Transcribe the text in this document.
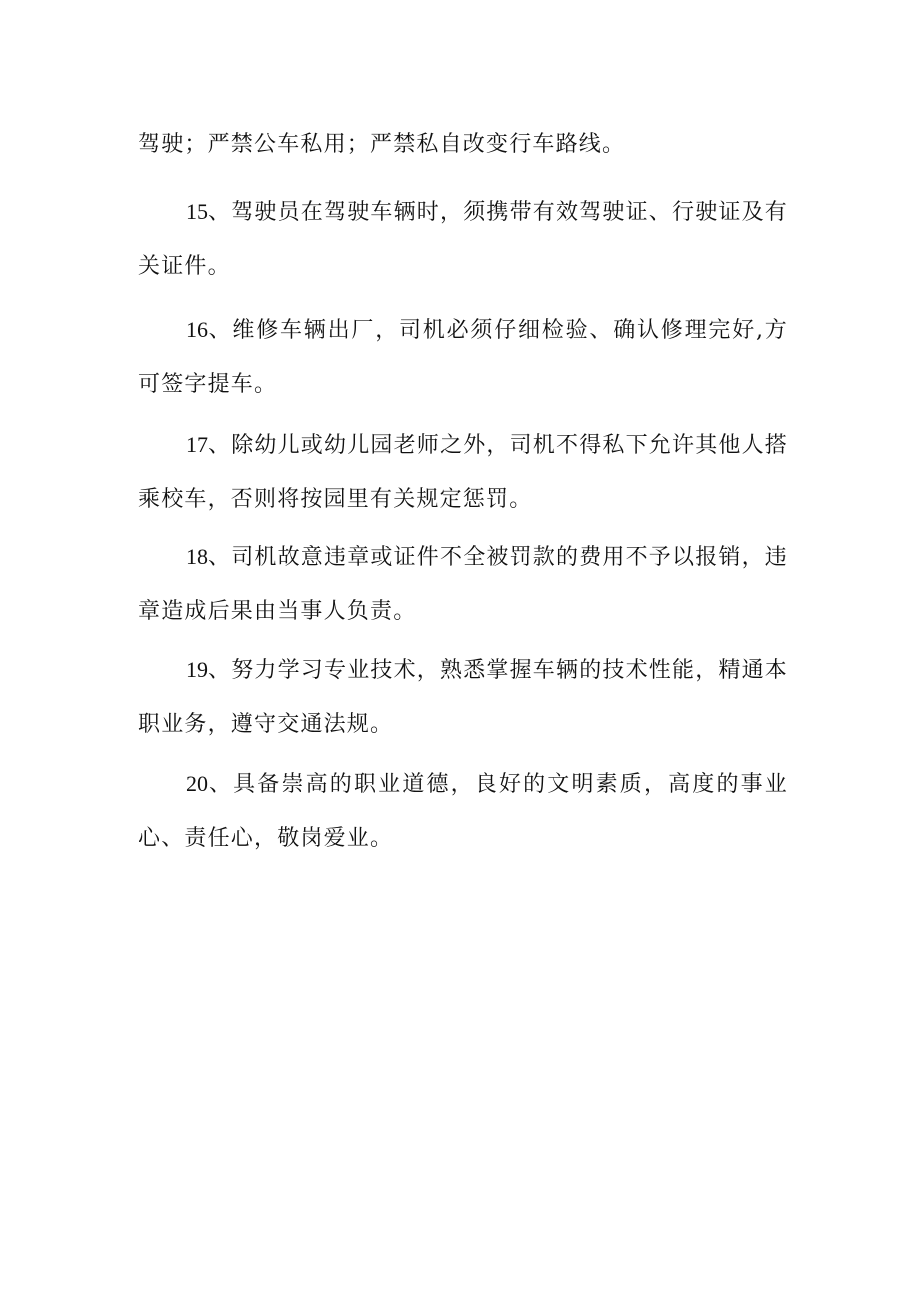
驾驶；严禁公车私用；严禁私自改变行车路线。

15、驾驶员在驾驶车辆时，须携带有效驾驶证、行驶证及有关证件。

16、维修车辆出厂，司机必须仔细检验、确认修理完好,方可签字提车。

17、除幼儿或幼儿园老师之外，司机不得私下允许其他人搭乘校车，否则将按园里有关规定惩罚。

18、司机故意违章或证件不全被罚款的费用不予以报销，违章造成后果由当事人负责。

19、努力学习专业技术，熟悉掌握车辆的技术性能，精通本职业务，遵守交通法规。

20、具备崇高的职业道德，良好的文明素质，高度的事业心、责任心，敬岗爱业。
